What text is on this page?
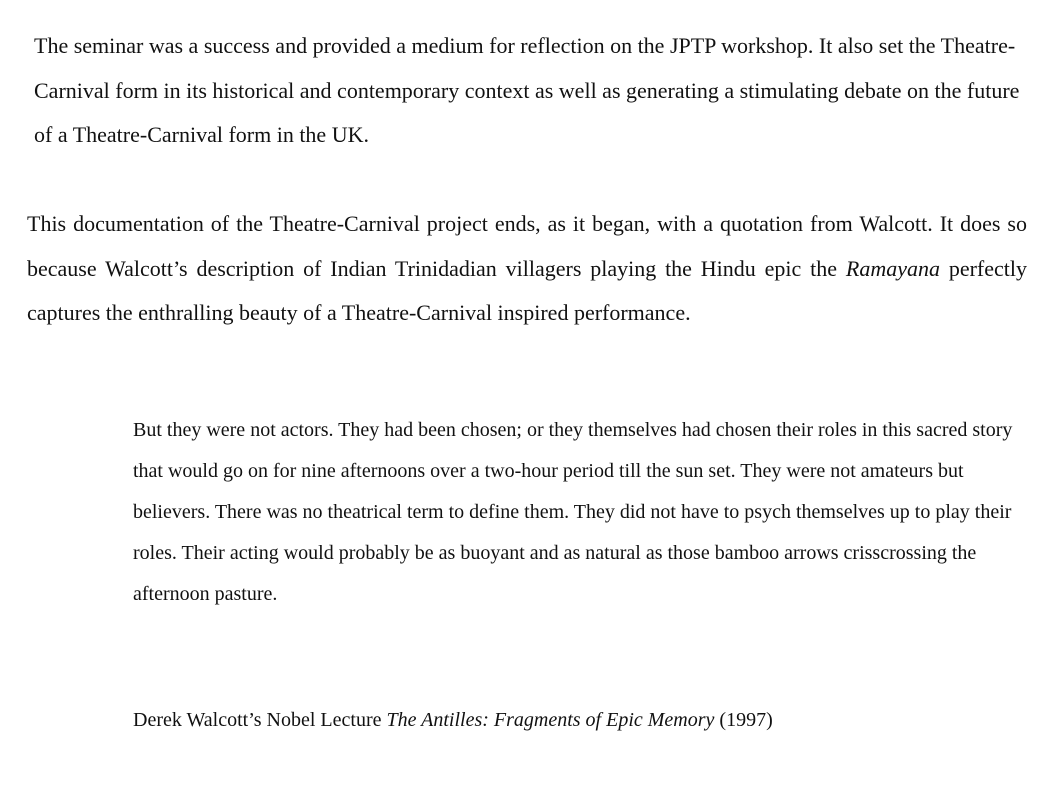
The seminar was a success and provided a medium for reflection on the JPTP workshop. It also set the Theatre-Carnival form in its historical and contemporary context as well as generating a stimulating debate on the future of a Theatre-Carnival form in the UK.

This documentation of the Theatre-Carnival project ends, as it began, with a quotation from Walcott. It does so because Walcott’s description of Indian Trinidadian villagers playing the Hindu epic the Ramayana perfectly captures the enthralling beauty of a Theatre-Carnival inspired performance.

But they were not actors. They had been chosen; or they themselves had chosen their roles in this sacred story that would go on for nine afternoons over a two-hour period till the sun set. They were not amateurs but believers. There was no theatrical term to define them. They did not have to psych themselves up to play their roles. Their acting would probably be as buoyant and as natural as those bamboo arrows crisscrossing the afternoon pasture.

Derek Walcott’s Nobel Lecture The Antilles: Fragments of Epic Memory (1997)
